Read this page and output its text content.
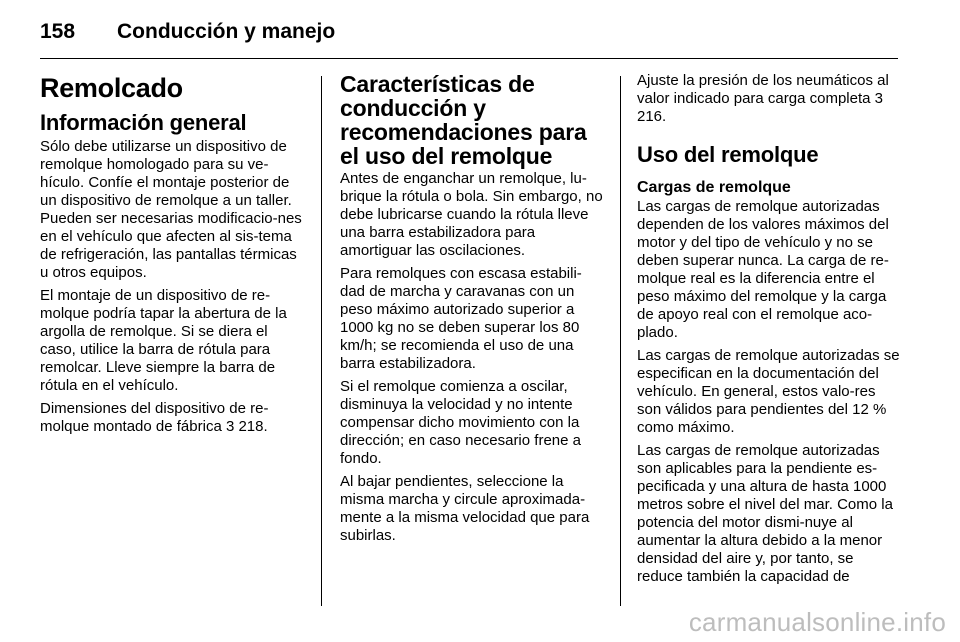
158 Conducción y manejo
Remolcado
Información general

Sólo debe utilizarse un dispositivo de remolque homologado para su ve-hículo. Confíe el montaje posterior de un dispositivo de remolque a un taller. Pueden ser necesarias modificacio-nes en el vehículo que afecten al sis-tema de refrigeración, las pantallas térmicas u otros equipos.

El montaje de un dispositivo de re-molque podría tapar la abertura de la argolla de remolque. Si se diera el caso, utilice la barra de rótula para remolcar. Lleve siempre la barra de rótula en el vehículo.

Dimensiones del dispositivo de re-molque montado de fábrica 3 218.

Características de conducción y recomendaciones para el uso del remolque

Antes de enganchar un remolque, lu-brique la rótula o bola. Sin embargo, no debe lubricarse cuando la rótula lleve una barra estabilizadora para amortiguar las oscilaciones.

Para remolques con escasa estabili-dad de marcha y caravanas con un peso máximo autorizado superior a 1000 kg no se deben superar los 80 km/h; se recomienda el uso de una barra estabilizadora.

Si el remolque comienza a oscilar, disminuya la velocidad y no intente compensar dicho movimiento con la dirección; en caso necesario frene a fondo.

Al bajar pendientes, seleccione la misma marcha y circule aproximada-mente a la misma velocidad que para subirlas.

Ajuste la presión de los neumáticos al valor indicado para carga completa 3 216.

Uso del remolque
Cargas de remolque

Las cargas de remolque autorizadas dependen de los valores máximos del motor y del tipo de vehículo y no se deben superar nunca. La carga de re-molque real es la diferencia entre el peso máximo del remolque y la carga de apoyo real con el remolque aco-plado.

Las cargas de remolque autorizadas se especifican en la documentación del vehículo. En general, estos valo-res son válidos para pendientes del 12 % como máximo.

Las cargas de remolque autorizadas son aplicables para la pendiente es-pecificada y una altura de hasta 1000 metros sobre el nivel del mar. Como la potencia del motor dismi-nuye al aumentar la altura debido a la menor densidad del aire y, por tanto, se reduce también la capacidad de

carmanualsonline.info
